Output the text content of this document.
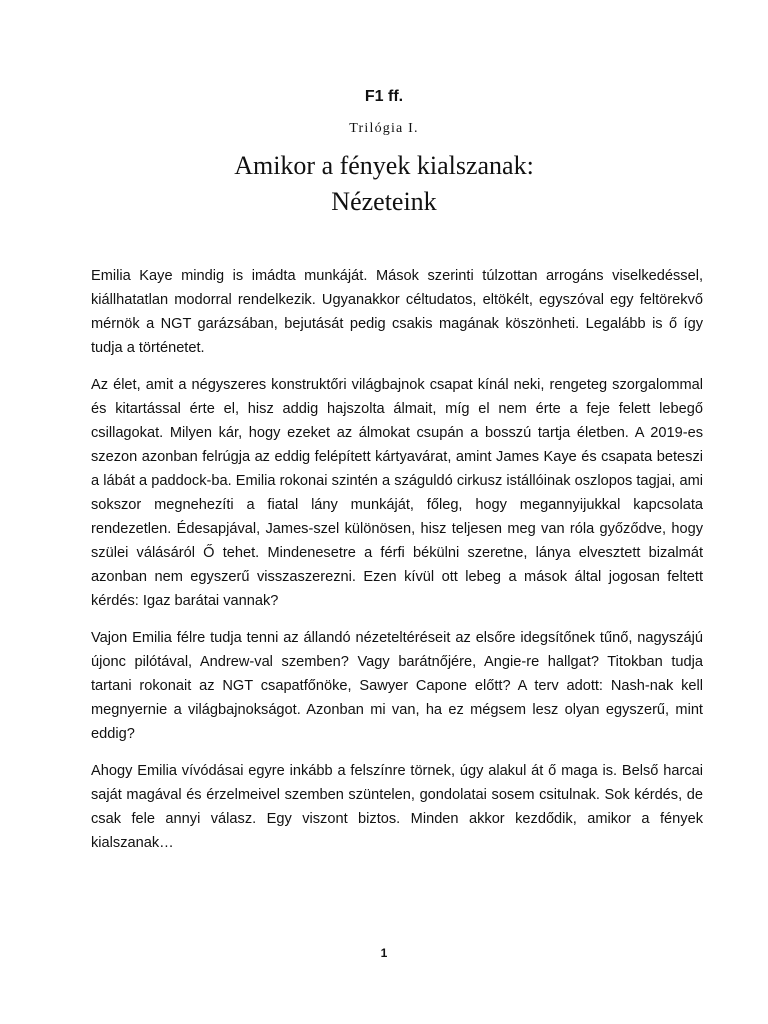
F1 ff.
Trilógia I.
Amikor a fények kialszanak:
Nézeteink

Emilia Kaye mindig is imádta munkáját. Mások szerinti túlzottan arrogáns viselkedéssel, kiállhatatlan modorral rendelkezik. Ugyanakkor céltudatos, eltökélt, egyszóval egy feltörekvő mérnök a NGT garázsában, bejutását pedig csakis magának köszönheti. Legalább is ő így tudja a történetet.

Az élet, amit a négyszeres konstruktőri világbajnok csapat kínál neki, rengeteg szorgalommal és kitartással érte el, hisz addig hajszolta álmait, míg el nem érte a feje felett lebegő csillagokat. Milyen kár, hogy ezeket az álmokat csupán a bosszú tartja életben. A 2019-es szezon azonban felrúgja az eddig felépített kártyavárat, amint James Kaye és csapata beteszi a lábát a paddock-ba. Emilia rokonai szintén a száguldó cirkusz istállóinak oszlopos tagjai, ami sokszor megnehezíti a fiatal lány munkáját, főleg, hogy megannyijukkal kapcsolata rendezetlen. Édesapjával, James-szel különösen, hisz teljesen meg van róla győződve, hogy szülei válásáról Ő tehet. Mindenesetre a férfi békülni szeretne, lánya elvesztett bizalmát azonban nem egyszerű visszaszerezni. Ezen kívül ott lebeg a mások által jogosan feltett kérdés: Igaz barátai vannak?

Vajon Emilia félre tudja tenni az állandó nézeteltéréseit az elsőre idegsítőnek tűnő, nagyszájú újonc pilótával, Andrew-val szemben? Vagy barátnőjére, Angie-re hallgat? Titokban tudja tartani rokonait az NGT csapatfőnöke, Sawyer Capone előtt? A terv adott: Nash-nak kell megnyernie a világbajnokságot. Azonban mi van, ha ez mégsem lesz olyan egyszerű, mint eddig?

Ahogy Emilia vívódásai egyre inkább a felszínre törnek, úgy alakul át ő maga is. Belső harcai saját magával és érzelmeivel szemben szüntelen, gondolatai sosem csitulnak. Sok kérdés, de csak fele annyi válasz. Egy viszont biztos. Minden akkor kezdődik, amikor a fények kialszanak…

1
